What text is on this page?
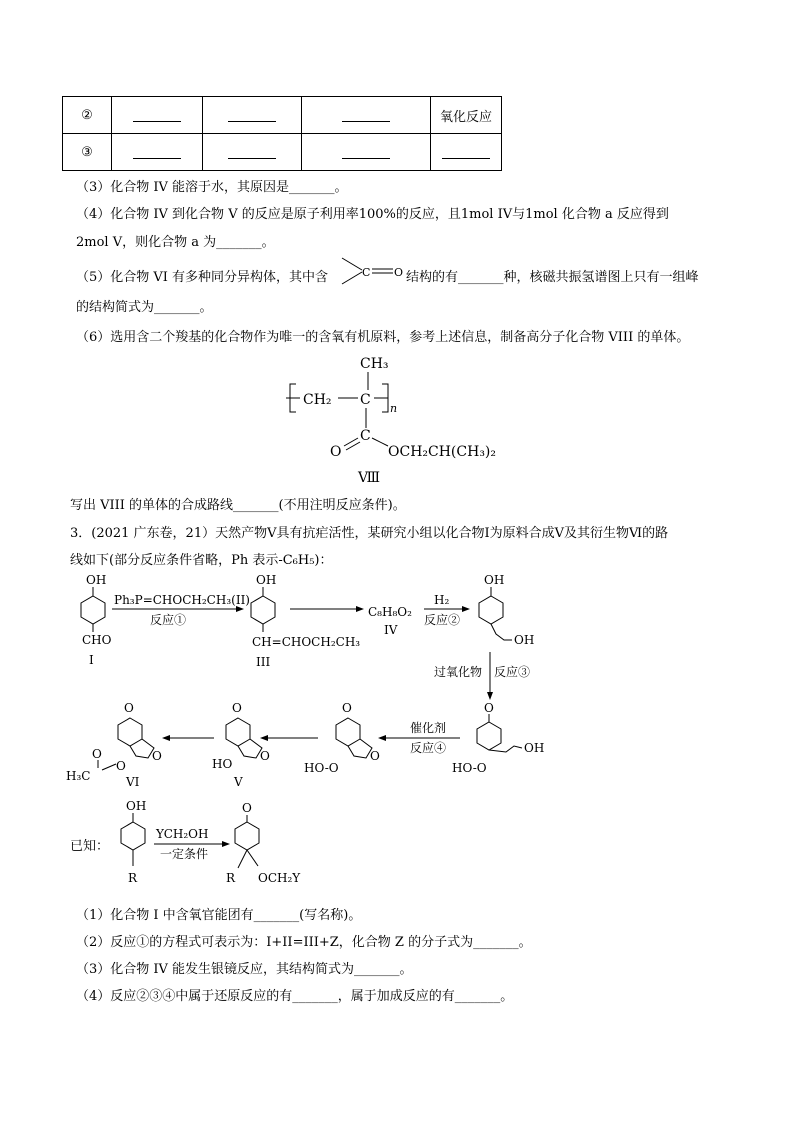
②				氧化反应
③				
（3）化合物 IV 能溶于水，其原因是_______。
（4）化合物 IV 到化合物 V 的反应是原子利用率100%的反应，且1mol IV与1mol 化合物 a 反应得到
2mol V，则化合物 a 为_______。
（5）化合物 VI 有多种同分异构体，其中含	C O 结构的有_______种，核磁共振氢谱图上只有一组峰
的结构简式为_______。
（6）选用含二个羧基的化合物作为唯一的含氧有机原料，参考上述信息，制备高分子化合物 VIII 的单体。
CH₃
CH₂ C
n
C
O	OCH₂CH(CH₃)₂
Ⅷ
写出 VIII 的单体的合成路线_______(不用注明反应条件)。
3．(2021 广东卷，21）天然产物Ⅴ具有抗疟活性，某研究小组以化合物Ⅰ为原料合成Ⅴ及其衍生物Ⅵ的路
线如下(部分反应条件省略，Ph 表示-C₆H₅)：
OH
CHO
I
Ph₃P=CHOCH₂CH₃(II)
反应①
OH
CH=CHOCH₂CH₃
III
C₈H₈O₂
IV
H₂
反应②
OH
OH
过氧化物 反应③
O
OH
HO-O
催化剂
反应④
O
O
HO-O
O
O
HO
V
O
O
O
O
H₃C	VI
已知：
OH
R
YCH₂OH
一定条件
O
R OCH₂Y
（1）化合物 I 中含氧官能团有_______(写名称)。
（2）反应①的方程式可表示为：I+II=III+Z，化合物 Z 的分子式为_______。
（3）化合物 IV 能发生银镜反应，其结构简式为_______。
（4）反应②③④中属于还原反应的有_______，属于加成反应的有_______。
